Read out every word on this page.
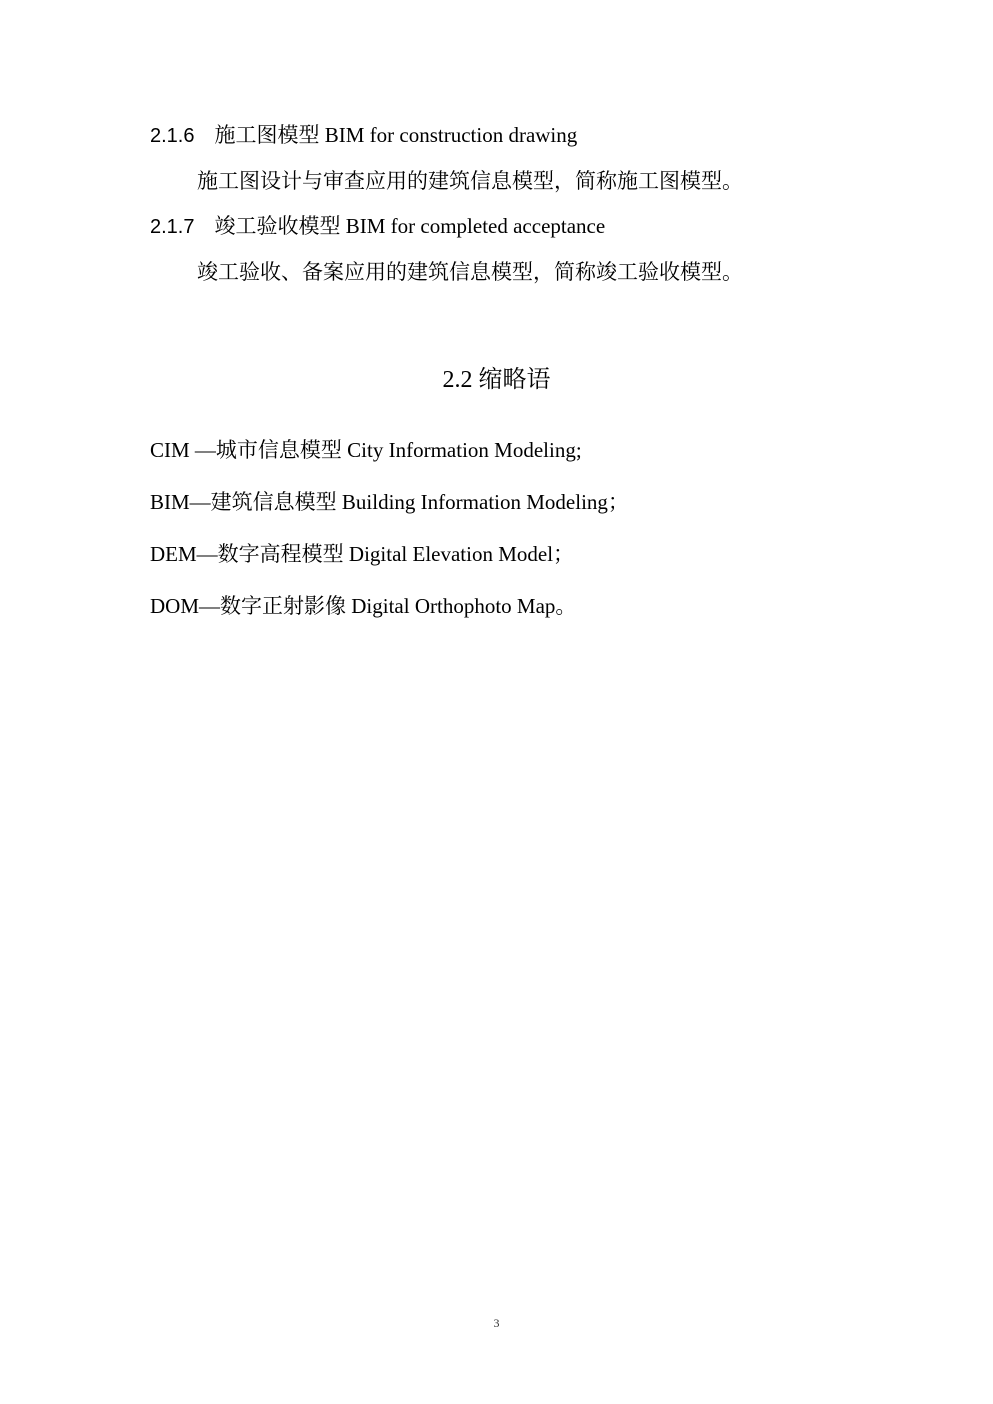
2.1.6 施工图模型 BIM for construction drawing
施工图设计与审查应用的建筑信息模型，简称施工图模型。
2.1.7 竣工验收模型 BIM for completed acceptance
竣工验收、备案应用的建筑信息模型，简称竣工验收模型。
2.2 缩略语
CIM —城市信息模型 City Information Modeling;
BIM—建筑信息模型 Building Information Modeling；
DEM—数字高程模型 Digital Elevation Model；
DOM—数字正射影像 Digital Orthophoto Map。
3
